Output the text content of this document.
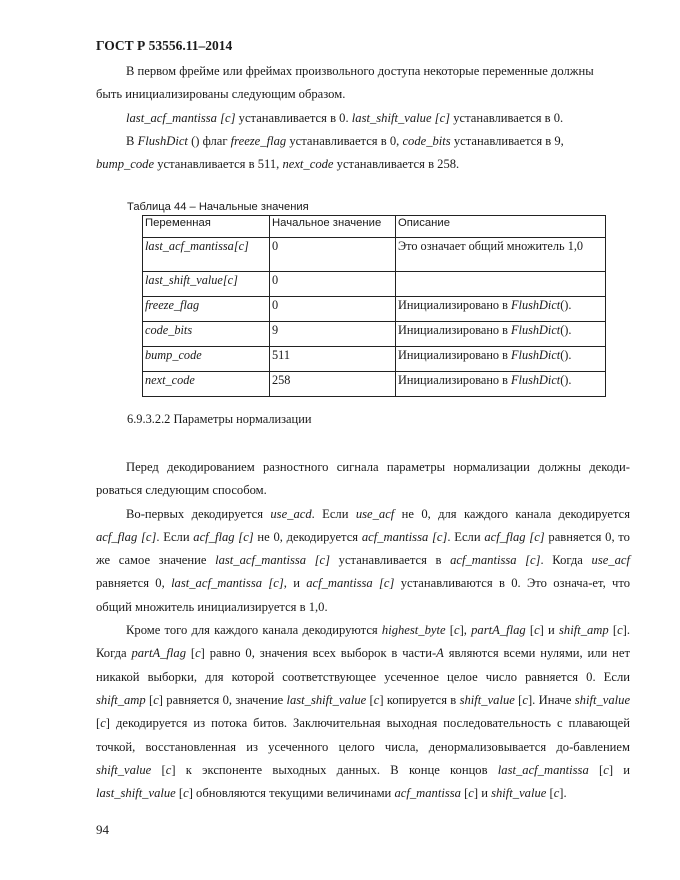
ГОСТ Р 53556.11–2014
В первом фрейме или фреймах произвольного доступа некоторые переменные должны
быть инициализированы следующим образом.
last_acf_mantissa [c] устанавливается в 0. last_shift_value [c] устанавливается в 0.
В FlushDict () флаг freeze_flag устанавливается в 0, code_bits устанавливается в 9,
bump_code устанавливается в 511, next_code устанавливается в 258.
Таблица 44 – Начальные значения
Переменная	Начальное значение	Описание
last_acf_mantissa[c]	0	Это означает общий множитель 1,0
last_shift_value[c]	0	
freeze_flag	0	Инициализировано в FlushDict().
code_bits	9	Инициализировано в FlushDict().
bump_code	511	Инициализировано в FlushDict().
next_code	258	Инициализировано в FlushDict().
6.9.3.2.2 Параметры нормализации
Перед декодированием разностного сигнала параметры нормализации должны декоди-
роваться следующим способом.
Во-первых декодируется use_acd. Если use_acf не 0, для каждого канала декодируется acf_flag [c]. Если acf_flag [c] не 0, декодируется acf_mantissa [c]. Если acf_flag [c] равняется 0, то же самое значение last_acf_mantissa [c] устанавливается в acf_mantissa [c]. Когда use_acf равняется 0, last_acf_mantissa [c], и acf_mantissa [c] устанавливаются в 0. Это означа-ет, что общий множитель инициализируется в 1,0.
Кроме того для каждого канала декодируются highest_byte [c], partA_flag [c] и shift_amp [c]. Когда partA_flag [c] равно 0, значения всех выборок в части-A являются всеми нулями, или нет никакой выборки, для которой соответствующее усеченное целое число равняется 0. Если shift_amp [c] равняется 0, значение last_shift_value [c] копируется в shift_value [c]. Иначе shift_value [c] декодируется из потока битов. Заключительная выходная последовательность с плавающей точкой, восстановленная из усеченного целого числа, денормализовывается до-бавлением shift_value [c] к экспоненте выходных данных. В конце концов last_acf_mantissa [c] и last_shift_value [c] обновляются текущими величинами acf_mantissa [c] и shift_value [c].
94
